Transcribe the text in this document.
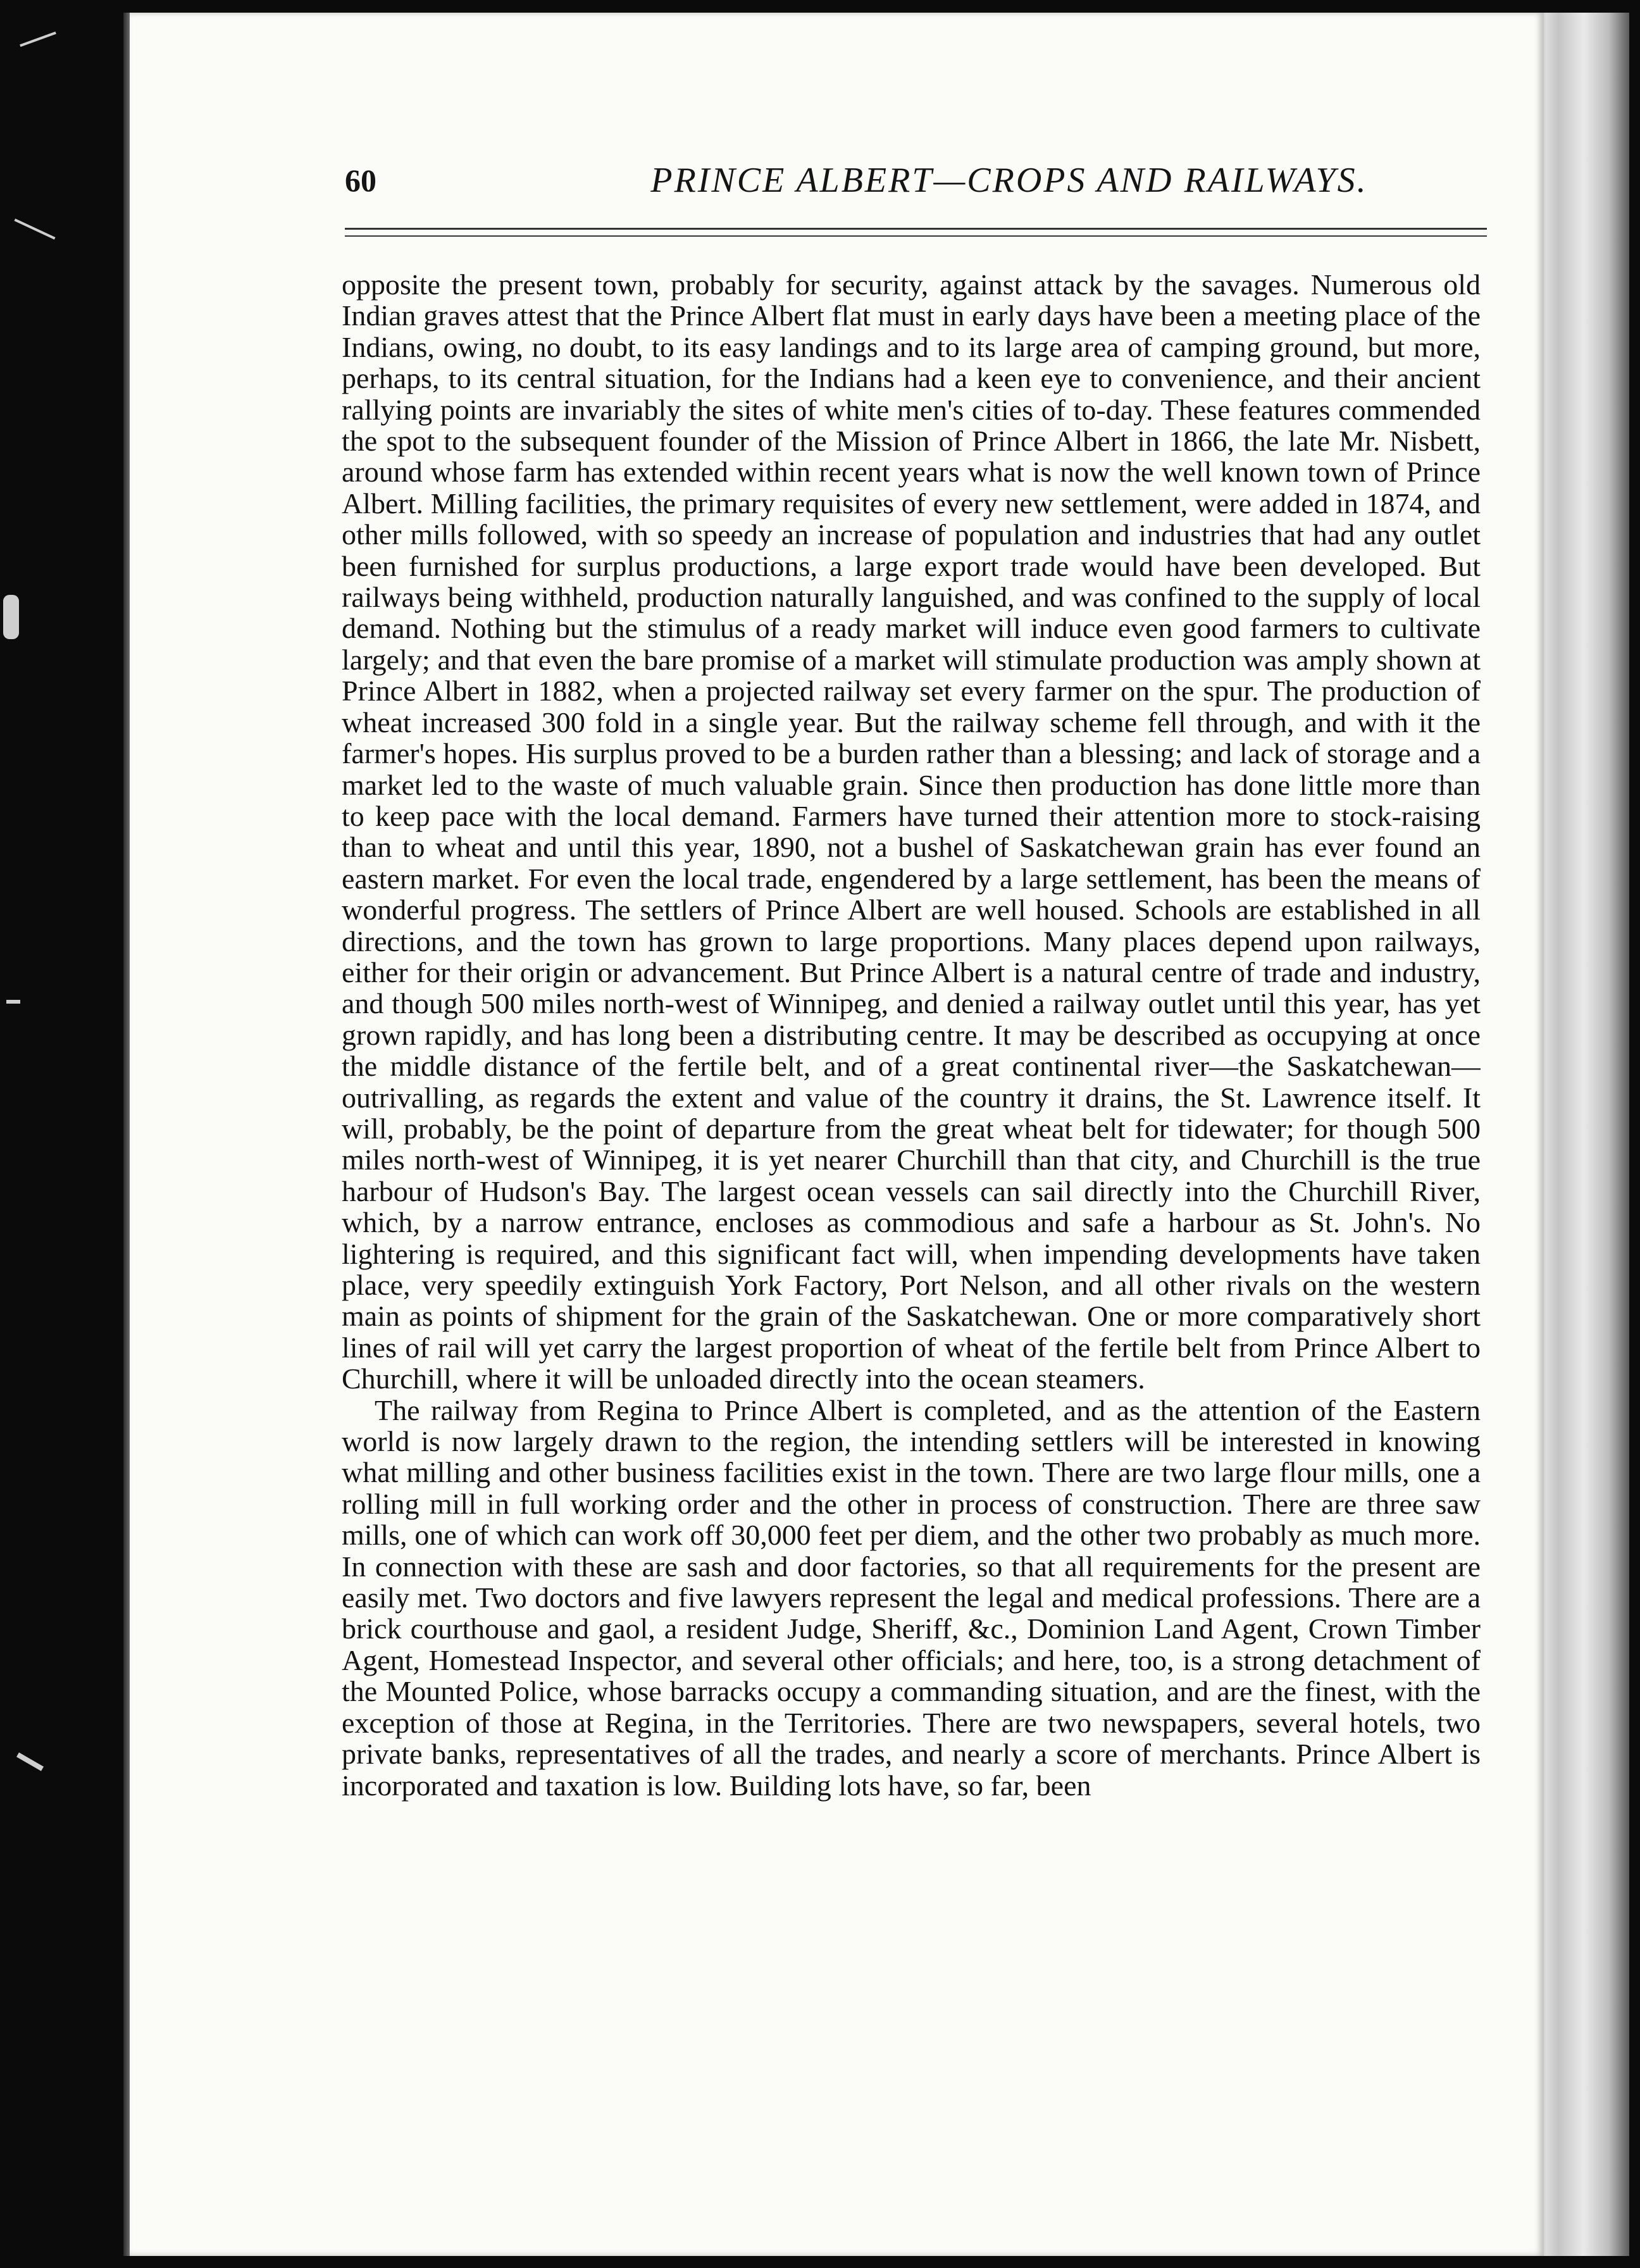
60	PRINCE ALBERT—CROPS AND RAILWAYS.

opposite the present town, probably for security, against attack by the savages. Numerous old Indian graves attest that the Prince Albert flat must in early days have been a meeting place of the Indians, owing, no doubt, to its easy landings and to its large area of camping ground, but more, perhaps, to its central situation, for the Indians had a keen eye to convenience, and their ancient rallying points are invariably the sites of white men's cities of to-day. These features commended the spot to the subsequent founder of the Mission of Prince Albert in 1866, the late Mr. Nisbett, around whose farm has extended within recent years what is now the well known town of Prince Albert. Milling facilities, the primary requisites of every new settlement, were added in 1874, and other mills followed, with so speedy an increase of population and industries that had any outlet been furnished for surplus productions, a large export trade would have been developed. But railways being withheld, production naturally languished, and was confined to the supply of local demand. Nothing but the stimulus of a ready market will induce even good farmers to cultivate largely; and that even the bare promise of a market will stimulate production was amply shown at Prince Albert in 1882, when a projected railway set every farmer on the spur. The production of wheat increased 300 fold in a single year. But the railway scheme fell through, and with it the farmer's hopes. His surplus proved to be a burden rather than a blessing; and lack of storage and a market led to the waste of much valuable grain. Since then production has done little more than to keep pace with the local demand. Farmers have turned their attention more to stock-raising than to wheat and until this year, 1890, not a bushel of Saskatchewan grain has ever found an eastern market. For even the local trade, engendered by a large settlement, has been the means of wonderful progress. The settlers of Prince Albert are well housed. Schools are established in all directions, and the town has grown to large proportions. Many places depend upon railways, either for their origin or advancement. But Prince Albert is a natural centre of trade and industry, and though 500 miles north-west of Winnipeg, and denied a railway outlet until this year, has yet grown rapidly, and has long been a distributing centre. It may be described as occupying at once the middle distance of the fertile belt, and of a great continental river—the Saskatchewan—outrivalling, as regards the extent and value of the country it drains, the St. Lawrence itself. It will, probably, be the point of departure from the great wheat belt for tidewater; for though 500 miles north-west of Winnipeg, it is yet nearer Churchill than that city, and Churchill is the true harbour of Hudson's Bay. The largest ocean vessels can sail directly into the Churchill River, which, by a narrow entrance, encloses as commodious and safe a harbour as St. John's. No lightering is required, and this significant fact will, when impending developments have taken place, very speedily extinguish York Factory, Port Nelson, and all other rivals on the western main as points of shipment for the grain of the Saskatchewan. One or more comparatively short lines of rail will yet carry the largest proportion of wheat of the fertile belt from Prince Albert to Churchill, where it will be unloaded directly into the ocean steamers.

The railway from Regina to Prince Albert is completed, and as the attention of the Eastern world is now largely drawn to the region, the intending settlers will be interested in knowing what milling and other business facilities exist in the town. There are two large flour mills, one a rolling mill in full working order and the other in process of construction. There are three saw mills, one of which can work off 30,000 feet per diem, and the other two probably as much more. In connection with these are sash and door factories, so that all requirements for the present are easily met. Two doctors and five lawyers represent the legal and medical professions. There are a brick courthouse and gaol, a resident Judge, Sheriff, &c., Dominion Land Agent, Crown Timber Agent, Homestead Inspector, and several other officials; and here, too, is a strong detachment of the Mounted Police, whose barracks occupy a commanding situation, and are the finest, with the exception of those at Regina, in the Territories. There are two newspapers, several hotels, two private banks, representatives of all the trades, and nearly a score of merchants. Prince Albert is incorporated and taxation is low. Building lots have, so far, been
